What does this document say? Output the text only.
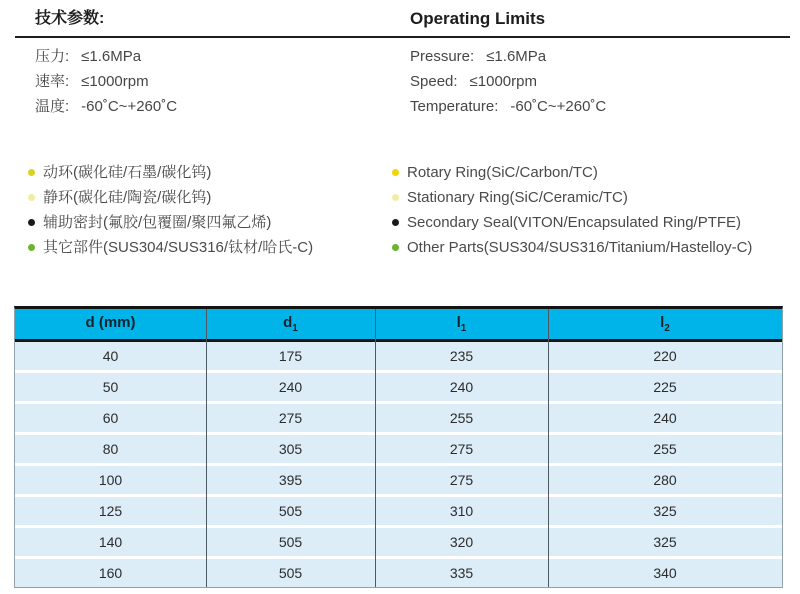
技术参数:
压力: ≤1.6MPa
速率: ≤1000rpm
温度: -60˚C~+260˚C
Operating Limits
Pressure: ≤1.6MPa
Speed: ≤1000rpm
Temperature: -60˚C~+260˚C
动环(碳化硅/石墨/碳化钨)
静环(碳化硅/陶瓷/碳化钨)
辅助密封(氟胶/包覆圈/聚四氟乙烯)
其它部件(SUS304/SUS316/钛材/哈氏-C)
Rotary Ring(SiC/Carbon/TC)
Stationary Ring(SiC/Ceramic/TC)
Secondary Seal(VITON/Encapsulated Ring/PTFE)
Other Parts(SUS304/SUS316/Titanium/Hastelloy-C)
d (mm)	$d_1$	$l_1$	$l_2$
40	175	235	220
50	240	240	225
60	275	255	240
80	305	275	255
100	395	275	280
125	505	310	325
140	505	320	325
160	505	335	340
